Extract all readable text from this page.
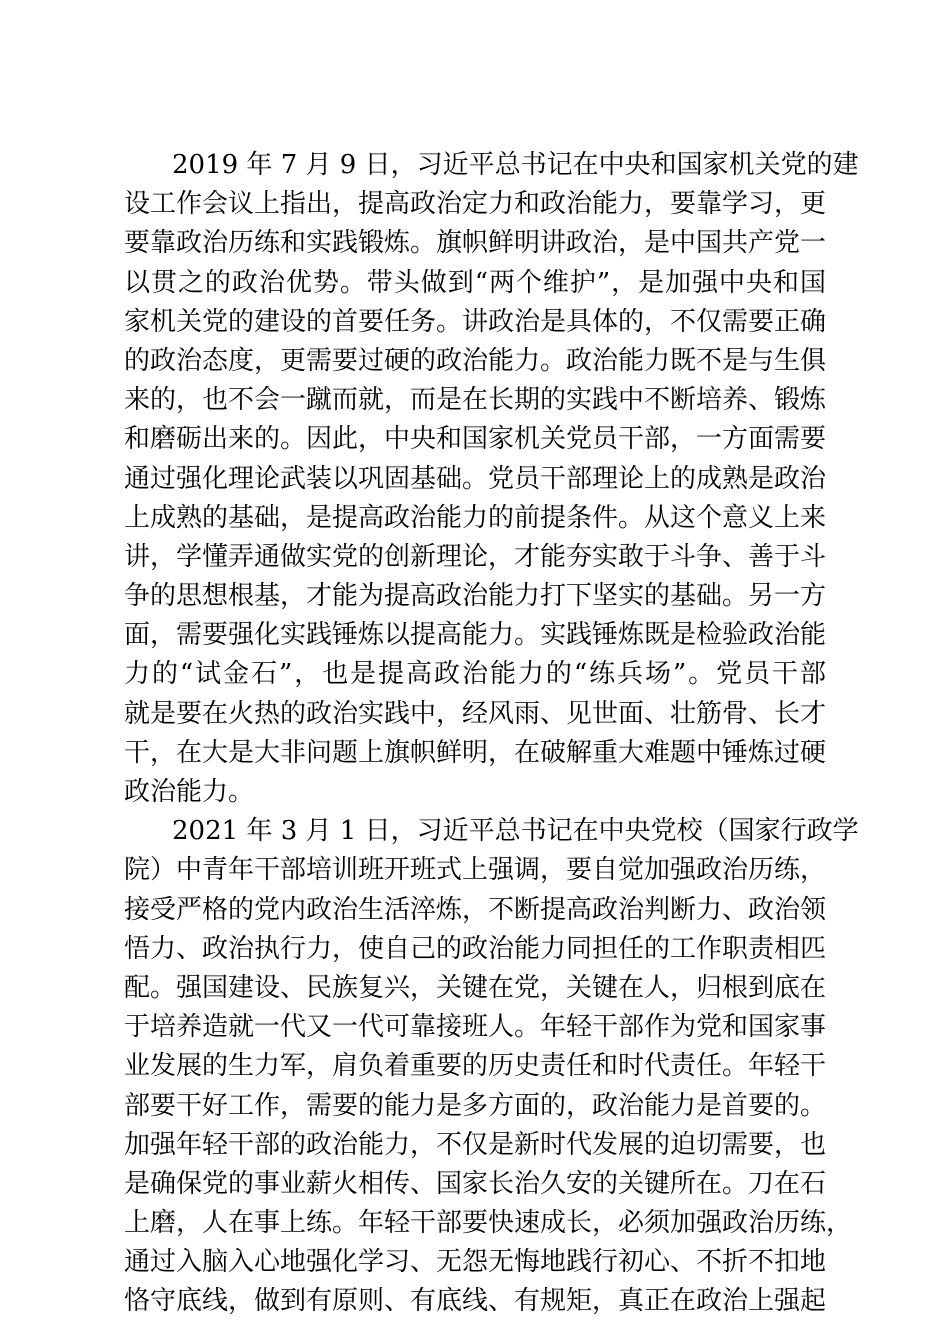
2019 年 7 月 9 日，习近平总书记在中央和国家机关党的建
设工作会议上指出，提高政治定力和政治能力，要靠学习，更
要靠政治历练和实践锻炼。旗帜鲜明讲政治，是中国共产党一
以贯之的政治优势。带头做到“两个维护”，是加强中央和国
家机关党的建设的首要任务。讲政治是具体的，不仅需要正确
的政治态度，更需要过硬的政治能力。政治能力既不是与生俱
来的，也不会一蹴而就，而是在长期的实践中不断培养、锻炼
和磨砺出来的。因此，中央和国家机关党员干部，一方面需要
通过强化理论武装以巩固基础。党员干部理论上的成熟是政治
上成熟的基础，是提高政治能力的前提条件。从这个意义上来
讲，学懂弄通做实党的创新理论，才能夯实敢于斗争、善于斗
争的思想根基，才能为提高政治能力打下坚实的基础。另一方
面，需要强化实践锤炼以提高能力。实践锤炼既是检验政治能
力的“试金石”，也是提高政治能力的“练兵场”。党员干部
就是要在火热的政治实践中，经风雨、见世面、壮筋骨、长才
干，在大是大非问题上旗帜鲜明，在破解重大难题中锤炼过硬
政治能力。
2021 年 3 月 1 日，习近平总书记在中央党校（国家行政学
院）中青年干部培训班开班式上强调，要自觉加强政治历练，
接受严格的党内政治生活淬炼，不断提高政治判断力、政治领
悟力、政治执行力，使自己的政治能力同担任的工作职责相匹
配。强国建设、民族复兴，关键在党，关键在人，归根到底在
于培养造就一代又一代可靠接班人。年轻干部作为党和国家事
业发展的生力军，肩负着重要的历史责任和时代责任。年轻干
部要干好工作，需要的能力是多方面的，政治能力是首要的。
加强年轻干部的政治能力，不仅是新时代发展的迫切需要，也
是确保党的事业薪火相传、国家长治久安的关键所在。刀在石
上磨，人在事上练。年轻干部要快速成长，必须加强政治历练，
通过入脑入心地强化学习、无怨无悔地践行初心、不折不扣地
恪守底线，做到有原则、有底线、有规矩，真正在政治上强起
